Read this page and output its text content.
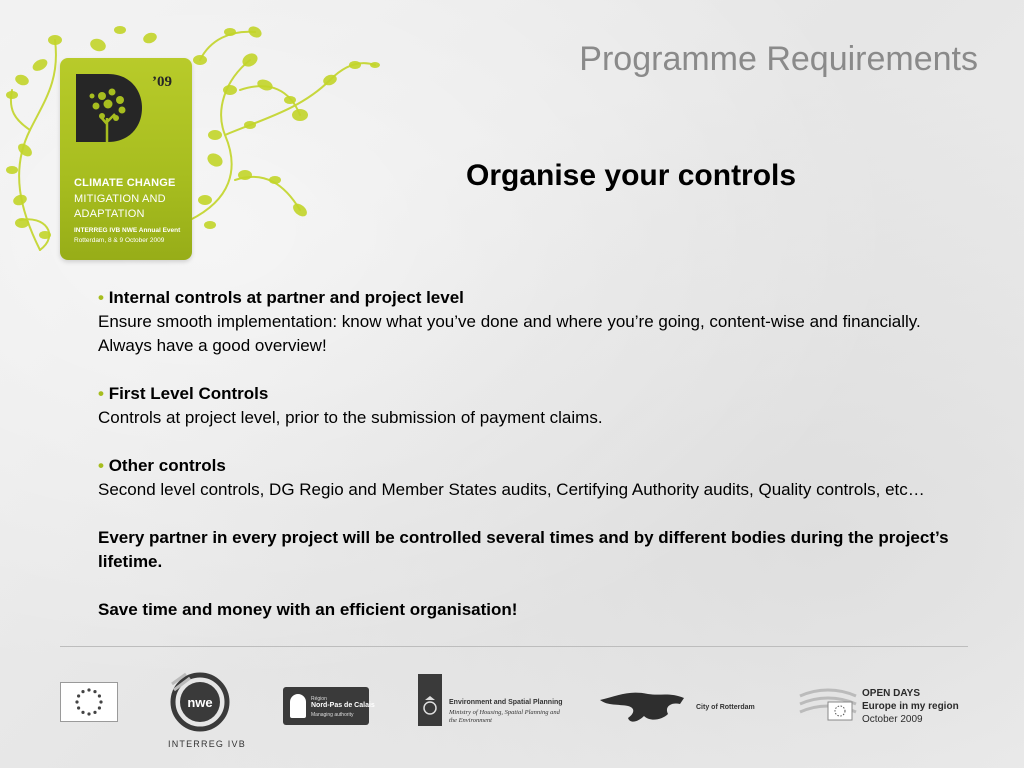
’09
CLIMATE CHANGE
MITIGATION AND
ADAPTATION
INTERREG IVB NWE Annual Event
Rotterdam, 8 & 9 October 2009
Programme Requirements
Organise your controls

• Internal controls at partner and project level

Ensure smooth implementation: know what you’ve done and where you’re going, content-wise and financially. Always have a good overview!

• First Level Controls

Controls at project level, prior to the submission of payment claims.

• Other controls

Second level controls, DG Regio and Member States audits, Certifying Authority audits, Quality controls, etc…

Every partner in every project will be controlled several times and by different bodies during the project’s lifetime.

Save time and money with an efficient organisation!

nwe
INTERREG IVB
Région
Nord-Pas de Calais
Managing authority
Environment and Spatial Planning
Ministry of Housing, Spatial Planning and
the Environment
City of Rotterdam
OPEN DAYS
Europe in my region
October 2009
